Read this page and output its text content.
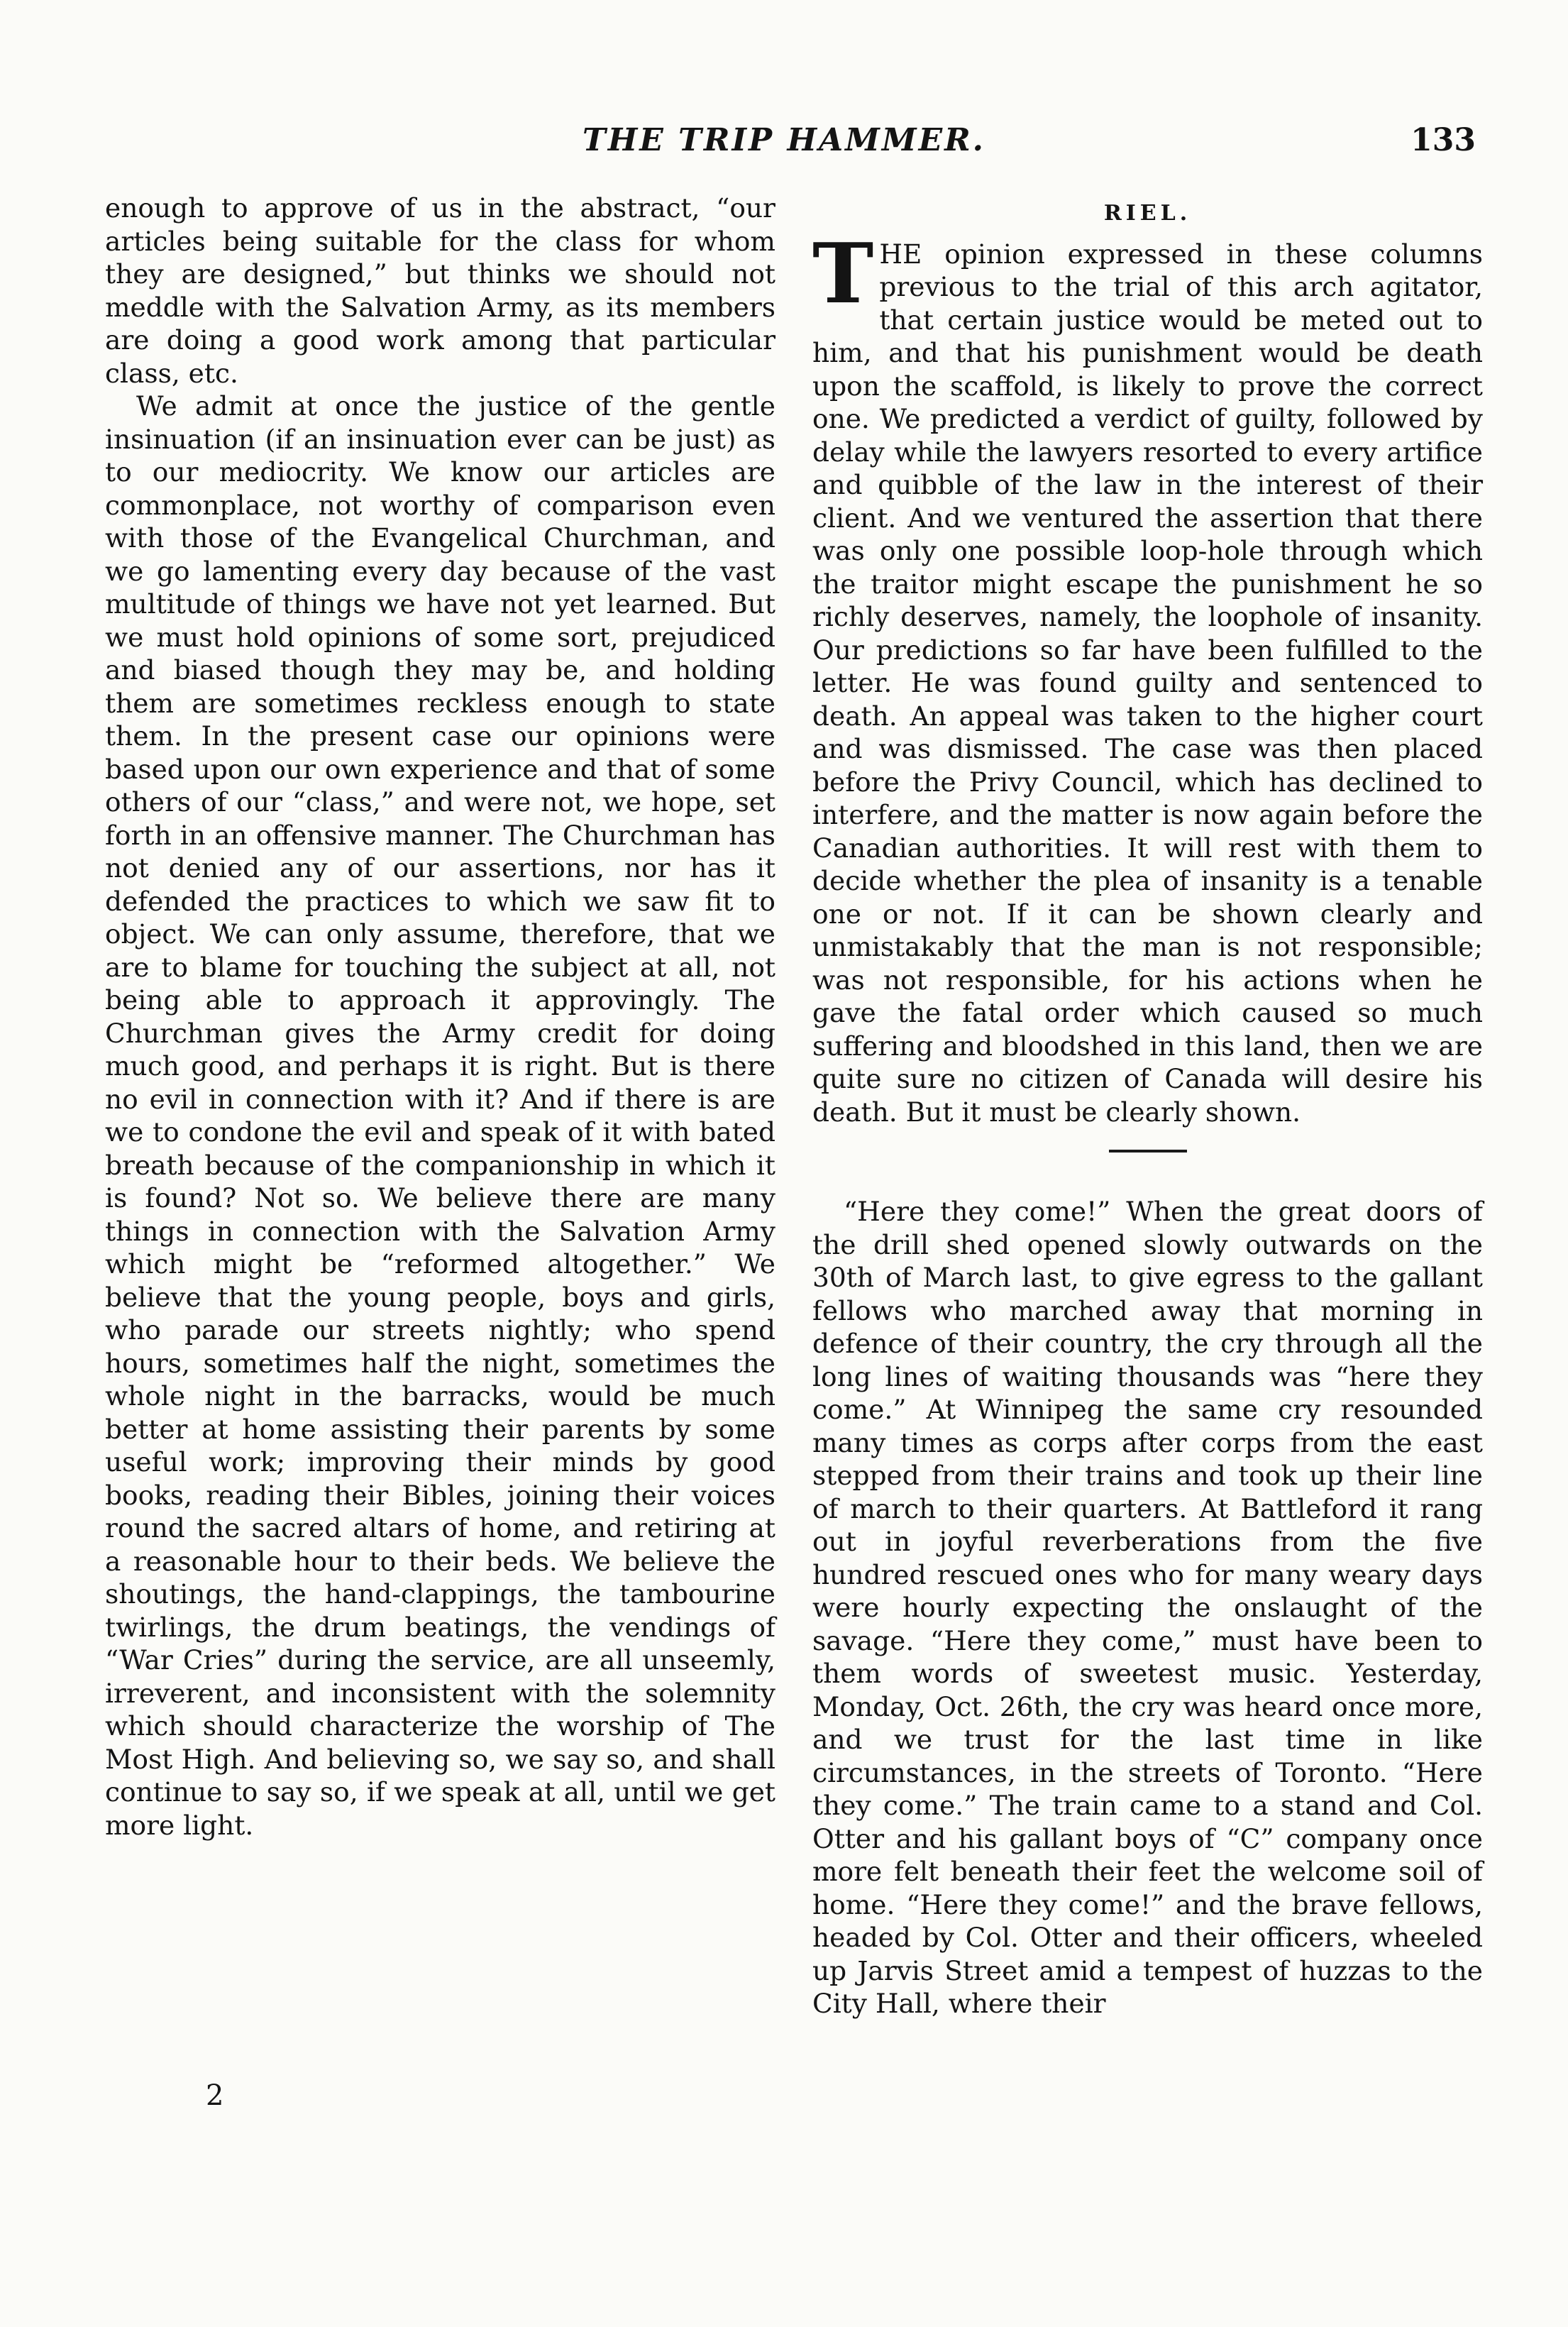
THE TRIP HAMMER.	133

enough to approve of us in the abstract, “our articles being suitable for the class for whom they are designed,” but thinks we should not meddle with the Salvation Army, as its members are doing a good work among that particular class, etc.

We admit at once the justice of the gentle insinuation (if an insinuation ever can be just) as to our mediocrity. We know our articles are commonplace, not worthy of comparison even with those of the Evangelical Churchman, and we go lamenting every day because of the vast multitude of things we have not yet learned. But we must hold opinions of some sort, prejudiced and biased though they may be, and holding them are sometimes reckless enough to state them. In the present case our opinions were based upon our own experience and that of some others of our “class,” and were not, we hope, set forth in an offensive manner. The Churchman has not denied any of our assertions, nor has it defended the practices to which we saw fit to object. We can only assume, therefore, that we are to blame for touching the subject at all, not being able to approach it approvingly. The Churchman gives the Army credit for doing much good, and perhaps it is right. But is there no evil in connection with it? And if there is are we to condone the evil and speak of it with bated breath because of the companionship in which it is found? Not so. We believe there are many things in connection with the Salvation Army which might be “reformed altogether.” We believe that the young people, boys and girls, who parade our streets nightly; who spend hours, sometimes half the night, sometimes the whole night in the barracks, would be much better at home assisting their parents by some useful work; improving their minds by good books, reading their Bibles, joining their voices round the sacred altars of home, and retiring at a reasonable hour to their beds. We believe the shoutings, the hand-clappings, the tambourine twirlings, the drum beatings, the vendings of “War Cries” during the service, are all unseemly, irreverent, and inconsistent with the solemnity which should characterize the worship of The Most High. And believing so, we say so, and shall continue to say so, if we speak at all, until we get more light.

2
RIEL.

THE opinion expressed in these columns previous to the trial of this arch agitator, that certain justice would be meted out to him, and that his punishment would be death upon the scaffold, is likely to prove the correct one. We predicted a verdict of guilty, followed by delay while the lawyers resorted to every artifice and quibble of the law in the interest of their client. And we ventured the assertion that there was only one possible loop-hole through which the traitor might escape the punishment he so richly deserves, namely, the loophole of insanity. Our predictions so far have been fulfilled to the letter. He was found guilty and sentenced to death. An appeal was taken to the higher court and was dismissed. The case was then placed before the Privy Council, which has declined to interfere, and the matter is now again before the Canadian authorities. It will rest with them to decide whether the plea of insanity is a tenable one or not. If it can be shown clearly and unmistakably that the man is not responsible; was not responsible, for his actions when he gave the fatal order which caused so much suffering and bloodshed in this land, then we are quite sure no citizen of Canada will desire his death. But it must be clearly shown.

“Here they come!” When the great doors of the drill shed opened slowly outwards on the 30th of March last, to give egress to the gallant fellows who marched away that morning in defence of their country, the cry through all the long lines of waiting thousands was “here they come.” At Winnipeg the same cry resounded many times as corps after corps from the east stepped from their trains and took up their line of march to their quarters. At Battleford it rang out in joyful reverberations from the five hundred rescued ones who for many weary days were hourly expecting the onslaught of the savage. “Here they come,” must have been to them words of sweetest music. Yesterday, Monday, Oct. 26th, the cry was heard once more, and we trust for the last time in like circumstances, in the streets of Toronto. “Here they come.” The train came to a stand and Col. Otter and his gallant boys of “C” company once more felt beneath their feet the welcome soil of home. “Here they come!” and the brave fellows, headed by Col. Otter and their officers, wheeled up Jarvis Street amid a tempest of huzzas to the City Hall, where their
